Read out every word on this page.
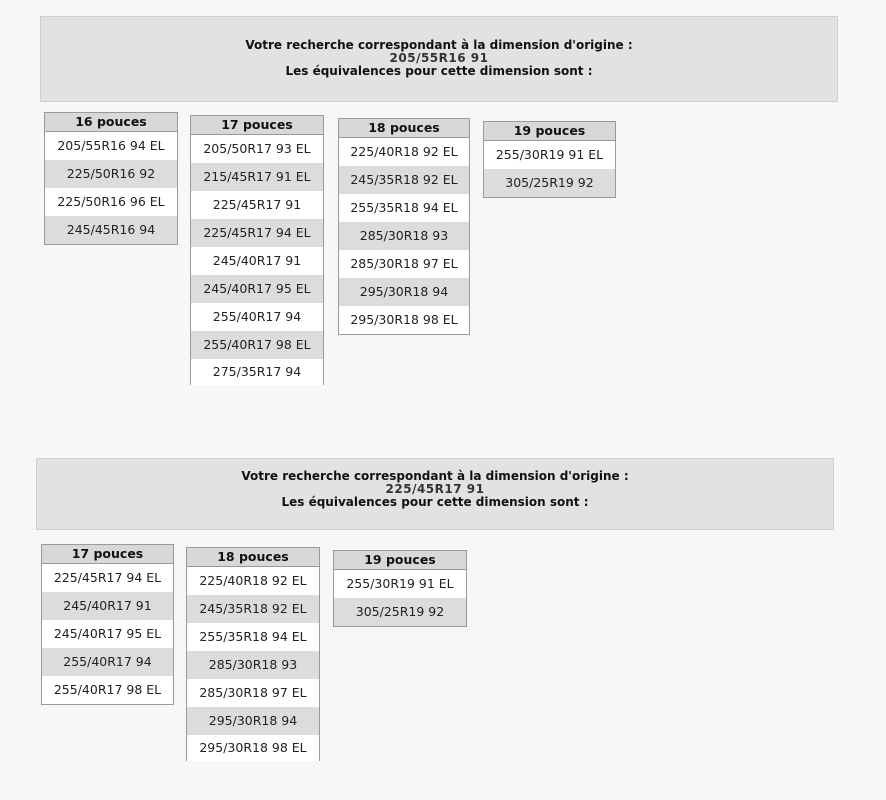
Votre recherche correspondant à la dimension d'origine :
205/55R16 91
Les équivalences pour cette dimension sont :
16 pouces
205/55R16 94 EL
225/50R16 92
225/50R16 96 EL
245/45R16 94
17 pouces
205/50R17 93 EL
215/45R17 91 EL
225/45R17 91
225/45R17 94 EL
245/40R17 91
245/40R17 95 EL
255/40R17 94
255/40R17 98 EL
275/35R17 94
18 pouces
225/40R18 92 EL
245/35R18 92 EL
255/35R18 94 EL
285/30R18 93
285/30R18 97 EL
295/30R18 94
295/30R18 98 EL
19 pouces
255/30R19 91 EL
305/25R19 92
Votre recherche correspondant à la dimension d'origine :
225/45R17 91
Les équivalences pour cette dimension sont :
17 pouces
225/45R17 94 EL
245/40R17 91
245/40R17 95 EL
255/40R17 94
255/40R17 98 EL
18 pouces
225/40R18 92 EL
245/35R18 92 EL
255/35R18 94 EL
285/30R18 93
285/30R18 97 EL
295/30R18 94
295/30R18 98 EL
19 pouces
255/30R19 91 EL
305/25R19 92
